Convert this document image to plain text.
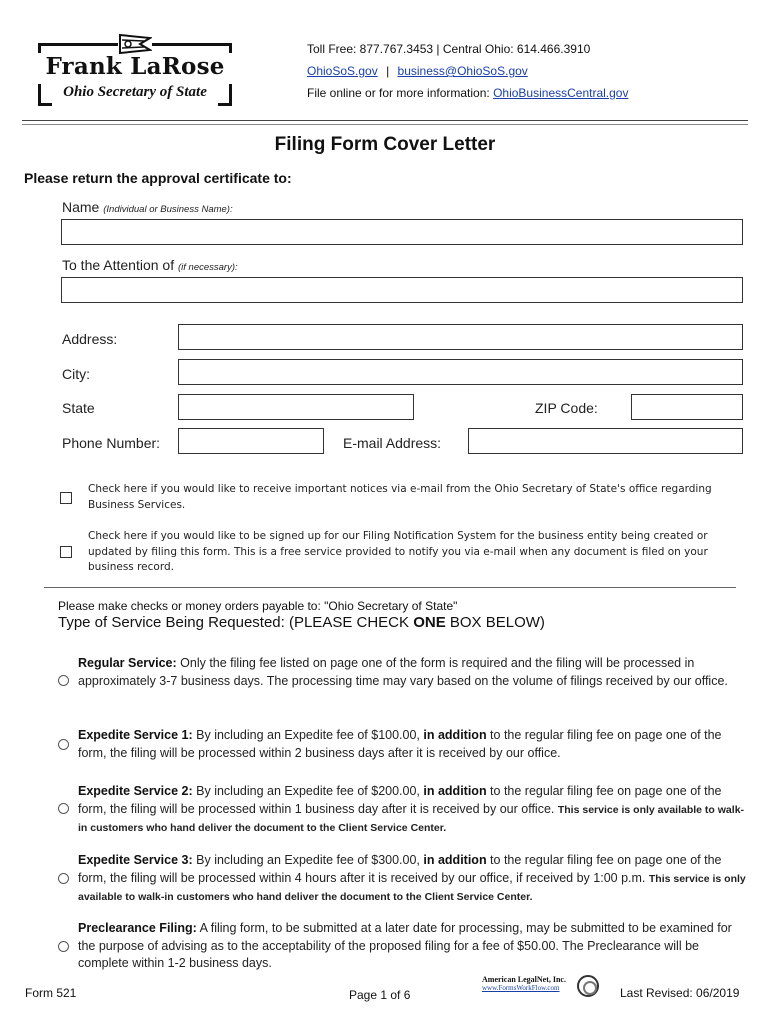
Frank LaRose
Ohio Secretary of State
Toll Free: 877.767.3453 | Central Ohio: 614.466.3910
OhioSoS.gov | business@OhioSoS.gov
File online or for more information: OhioBusinessCentral.gov
Filing Form Cover Letter
Please return the approval certificate to:
Name (Individual or Business Name):
To the Attention of (if necessary):
Address:
City:
State	ZIP Code:
Phone Number:	E-mail Address:
Check here if you would like to receive important notices via e-mail from the Ohio Secretary of State's office regarding Business Services.
Check here if you would like to be signed up for our Filing Notification System for the business entity being created or updated by filing this form. This is a free service provided to notify you via e-mail when any document is filed on your business record.
Please make checks or money orders payable to: "Ohio Secretary of State"
Type of Service Being Requested: (PLEASE CHECK ONE BOX BELOW)
Regular Service: Only the filing fee listed on page one of the form is required and the filing will be processed in approximately 3-7 business days. The processing time may vary based on the volume of filings received by our office.
Expedite Service 1: By including an Expedite fee of $100.00, in addition to the regular filing fee on page one of the form, the filing will be processed within 2 business days after it is received by our office.
Expedite Service 2: By including an Expedite fee of $200.00, in addition to the regular filing fee on page one of the form, the filing will be processed within 1 business day after it is received by our office. This service is only available to walk-in customers who hand deliver the document to the Client Service Center.
Expedite Service 3: By including an Expedite fee of $300.00, in addition to the regular filing fee on page one of the form, the filing will be processed within 4 hours after it is received by our office, if received by 1:00 p.m. This service is only available to walk-in customers who hand deliver the document to the Client Service Center.
Preclearance Filing: A filing form, to be submitted at a later date for processing, may be submitted to be examined for the purpose of advising as to the acceptability of the proposed filing for a fee of $50.00. The Preclearance will be complete within 1-2 business days.
Form 521	Page 1 of 6
American LegalNet, Inc.
www.FormsWorkFlow.com	Last Revised: 06/2019
